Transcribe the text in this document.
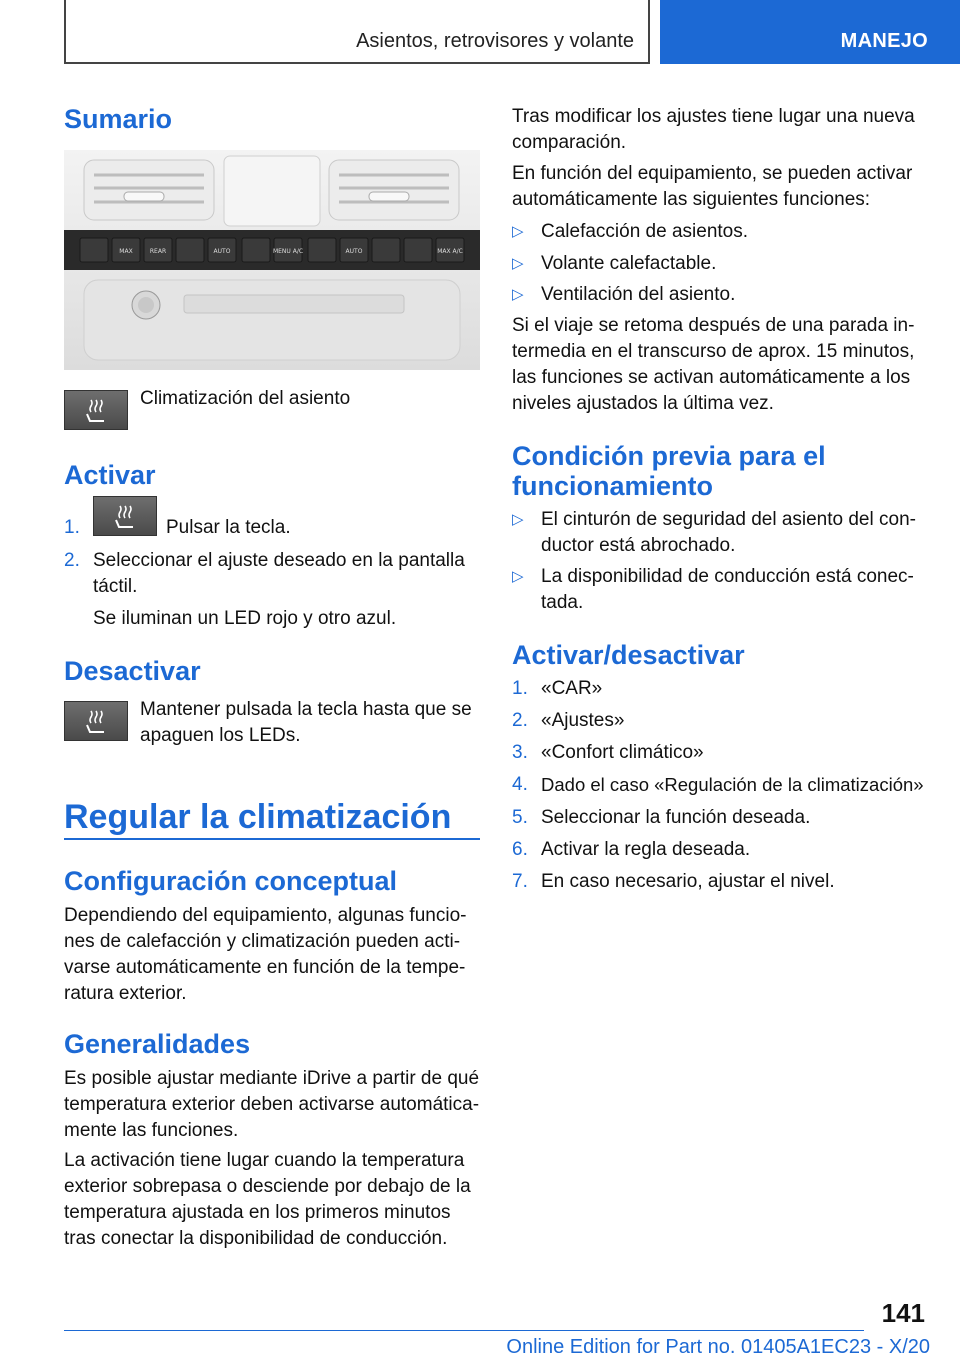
Asientos, retrovisores y volante	MANEJO
Sumario
MAX	REAR	AUTO	MENU A/C	AUTO	MAX A/C
Climatización del asiento
Activar
1.	Pulsar la tecla.
2. Seleccionar el ajuste deseado en la pantalla táctil.
Se iluminan un LED rojo y otro azul.
Desactivar
Mantener pulsada la tecla hasta que se apaguen los LEDs.
Regular la climatización
Configuración conceptual
Dependiendo del equipamiento, algunas funcio- nes de calefacción y climatización pueden acti- varse automáticamente en función de la tempe- ratura exterior.
Generalidades
Es posible ajustar mediante iDrive a partir de qué temperatura exterior deben activarse automática- mente las funciones.
La activación tiene lugar cuando la temperatura exterior sobrepasa o desciende por debajo de la temperatura ajustada en los primeros minutos tras conectar la disponibilidad de conducción.
Tras modificar los ajustes tiene lugar una nueva comparación.
En función del equipamiento, se pueden activar automáticamente las siguientes funciones:
▷ Calefacción de asientos.
▷ Volante calefactable.
▷ Ventilación del asiento.
Si el viaje se retoma después de una parada in- termedia en el transcurso de aprox. 15 minutos, las funciones se activan automáticamente a los niveles ajustados la última vez.
Condición previa para el funcionamiento
▷ El cinturón de seguridad del asiento del con- ductor está abrochado.
▷ La disponibilidad de conducción está conec- tada.
Activar/desactivar
1. «CAR»
2. «Ajustes»
3. «Confort climático»
4. Dado el caso «Regulación de la climatización»
5. Seleccionar la función deseada.
6. Activar la regla deseada.
7. En caso necesario, ajustar el nivel.
141
Online Edition for Part no. 01405A1EC23 - X/20
